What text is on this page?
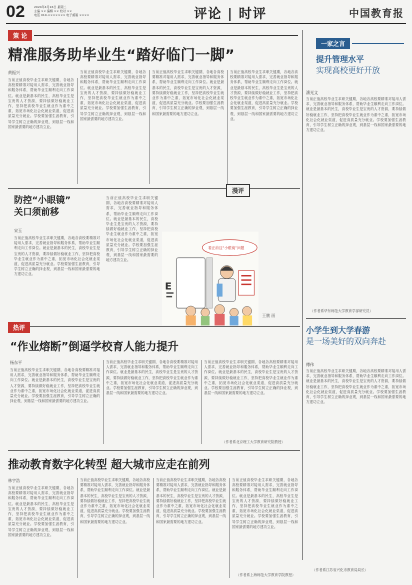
02	2024年4月16日 星期二
主编 ×× 编辑 ×× 校对 ××
电话 010-××××××× 电子邮箱 ××××	评论 | 时评	中国教育报
策 论
精准服务助毕业生“踏好临门一脚”
黄振兴
当前正值高校毕业生求职关键期，各地各高校要精准对接用人需求，完善就业指导和服务体系，帮助毕业生顺利走向工作岗位。就业是最基本的民生，高校毕业生是宝贵的人才资源，要持续做好稳就业工作，坚持把高校毕业生就业作为重中之重，拓宽市场化社会化就业渠道，促进高质量充分就业。学校要加强生涯教育，引导学生树立正确的择业观，到基层一线和国家最需要的地方建功立业。
当前正值高校毕业生求职关键期，各地各高校要精准对接用人需求，完善就业指导和服务体系，帮助毕业生顺利走向工作岗位。就业是最基本的民生，高校毕业生是宝贵的人才资源，要持续做好稳就业工作，坚持把高校毕业生就业作为重中之重，拓宽市场化社会化就业渠道，促进高质量充分就业。学校要加强生涯教育，引导学生树立正确的择业观，到基层一线和国家最需要的地方建功立业。
当前正值高校毕业生求职关键期，各地各高校要精准对接用人需求，完善就业指导和服务体系，帮助毕业生顺利走向工作岗位。就业是最基本的民生，高校毕业生是宝贵的人才资源，要持续做好稳就业工作，坚持把高校毕业生就业作为重中之重，拓宽市场化社会化就业渠道，促进高质量充分就业。学校要加强生涯教育，引导学生树立正确的择业观，到基层一线和国家最需要的地方建功立业。
当前正值高校毕业生求职关键期，各地各高校要精准对接用人需求，完善就业指导和服务体系，帮助毕业生顺利走向工作岗位。就业是最基本的民生，高校毕业生是宝贵的人才资源，要持续做好稳就业工作，坚持把高校毕业生就业作为重中之重，拓宽市场化社会化就业渠道，促进高质量充分就业。学校要加强生涯教育，引导学生树立正确的择业观，到基层一线和国家最需要的地方建功立业。
一家之言
提升管理水平
实现高校更好开放
潘光文
当前正值高校毕业生求职关键期，各地各高校要精准对接用人需求，完善就业指导和服务体系，帮助毕业生顺利走向工作岗位。就业是最基本的民生，高校毕业生是宝贵的人才资源，要持续做好稳就业工作，坚持把高校毕业生就业作为重中之重，拓宽市场化社会化就业渠道，促进高质量充分就业。学校要加强生涯教育，引导学生树立正确的择业观，到基层一线和国家最需要的地方建功立业。
（作者系华东师范大学教育学部研究员）
小学生到大学春游
是一场美好的双向奔赴
傅伟
当前正值高校毕业生求职关键期，各地各高校要精准对接用人需求，完善就业指导和服务体系，帮助毕业生顺利走向工作岗位。就业是最基本的民生，高校毕业生是宝贵的人才资源，要持续做好稳就业工作，坚持把高校毕业生就业作为重中之重，拓宽市场化社会化就业渠道，促进高质量充分就业。学校要加强生涯教育，引导学生树立正确的择业观，到基层一线和国家最需要的地方建功立业。
（作者系江苏省兴化市教育局局长）
漫评
防控“小眼镜”
关口须前移
宋玉
当前正值高校毕业生求职关键期，各地各高校要精准对接用人需求，完善就业指导和服务体系，帮助毕业生顺利走向工作岗位。就业是最基本的民生，高校毕业生是宝贵的人才资源，要持续做好稳就业工作，坚持把高校毕业生就业作为重中之重，拓宽市场化社会化就业渠道，促进高质量充分就业。学校要加强生涯教育，引导学生树立正确的择业观，到基层一线和国家最需要的地方建功立业。
当前正值高校毕业生求职关键期，各地各高校要精准对接用人需求，完善就业指导和服务体系，帮助毕业生顺利走向工作岗位。就业是最基本的民生，高校毕业生是宝贵的人才资源，要持续做好稳就业工作，坚持把高校毕业生就业作为重中之重，拓宽市场化社会化就业渠道，促进高质量充分就业。学校要加强生涯教育，引导学生树立正确的择业观，到基层一线和国家最需要的地方建功立业。
E
看正前这“小眼镜”问题
王鹏 画
热评
“作业熔断”倒逼学校育人能力提升
杨东平
当前正值高校毕业生求职关键期，各地各高校要精准对接用人需求，完善就业指导和服务体系，帮助毕业生顺利走向工作岗位。就业是最基本的民生，高校毕业生是宝贵的人才资源，要持续做好稳就业工作，坚持把高校毕业生就业作为重中之重，拓宽市场化社会化就业渠道，促进高质量充分就业。学校要加强生涯教育，引导学生树立正确的择业观，到基层一线和国家最需要的地方建功立业。
当前正值高校毕业生求职关键期，各地各高校要精准对接用人需求，完善就业指导和服务体系，帮助毕业生顺利走向工作岗位。就业是最基本的民生，高校毕业生是宝贵的人才资源，要持续做好稳就业工作，坚持把高校毕业生就业作为重中之重，拓宽市场化社会化就业渠道，促进高质量充分就业。学校要加强生涯教育，引导学生树立正确的择业观，到基层一线和国家最需要的地方建功立业。
当前正值高校毕业生求职关键期，各地各高校要精准对接用人需求，完善就业指导和服务体系，帮助毕业生顺利走向工作岗位。就业是最基本的民生，高校毕业生是宝贵的人才资源，要持续做好稳就业工作，坚持把高校毕业生就业作为重中之重，拓宽市场化社会化就业渠道，促进高质量充分就业。学校要加强生涯教育，引导学生树立正确的择业观，到基层一线和国家最需要的地方建功立业。
（作者系北京理工大学教育研究院教授）
推动教育数字化转型 超大城市应走在前列
林宇浩
当前正值高校毕业生求职关键期，各地各高校要精准对接用人需求，完善就业指导和服务体系，帮助毕业生顺利走向工作岗位。就业是最基本的民生，高校毕业生是宝贵的人才资源，要持续做好稳就业工作，坚持把高校毕业生就业作为重中之重，拓宽市场化社会化就业渠道，促进高质量充分就业。学校要加强生涯教育，引导学生树立正确的择业观，到基层一线和国家最需要的地方建功立业。
当前正值高校毕业生求职关键期，各地各高校要精准对接用人需求，完善就业指导和服务体系，帮助毕业生顺利走向工作岗位。就业是最基本的民生，高校毕业生是宝贵的人才资源，要持续做好稳就业工作，坚持把高校毕业生就业作为重中之重，拓宽市场化社会化就业渠道，促进高质量充分就业。学校要加强生涯教育，引导学生树立正确的择业观，到基层一线和国家最需要的地方建功立业。
当前正值高校毕业生求职关键期，各地各高校要精准对接用人需求，完善就业指导和服务体系，帮助毕业生顺利走向工作岗位。就业是最基本的民生，高校毕业生是宝贵的人才资源，要持续做好稳就业工作，坚持把高校毕业生就业作为重中之重，拓宽市场化社会化就业渠道，促进高质量充分就业。学校要加强生涯教育，引导学生树立正确的择业观，到基层一线和国家最需要的地方建功立业。
当前正值高校毕业生求职关键期，各地各高校要精准对接用人需求，完善就业指导和服务体系，帮助毕业生顺利走向工作岗位。就业是最基本的民生，高校毕业生是宝贵的人才资源，要持续做好稳就业工作，坚持把高校毕业生就业作为重中之重，拓宽市场化社会化就业渠道，促进高质量充分就业。学校要加强生涯教育，引导学生树立正确的择业观，到基层一线和国家最需要的地方建功立业。
（作者系上海师范大学教育学院教授）
